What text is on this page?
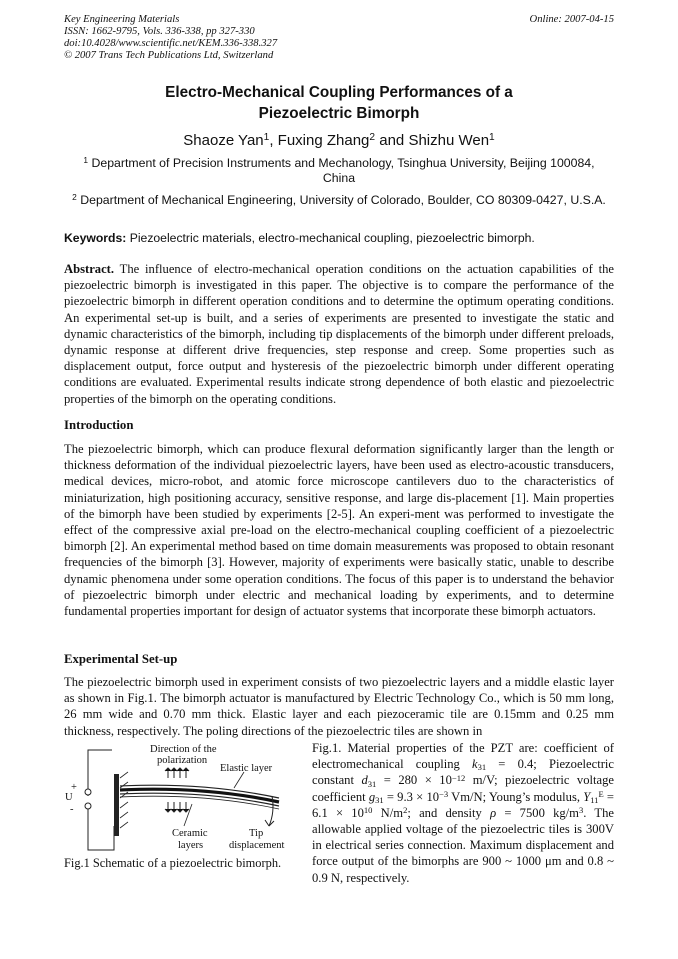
Key Engineering Materials
ISSN: 1662-9795, Vols. 336-338, pp 327-330
doi:10.4028/www.scientific.net/KEM.336-338.327
© 2007 Trans Tech Publications Ltd, Switzerland
Online: 2007-04-15
Electro-Mechanical Coupling Performances of a
Piezoelectric Bimorph
Shaoze Yan$^1$, Fuxing Zhang$^2$ and Shizhu Wen$^1$
$^1$ Department of Precision Instruments and Mechanology, Tsinghua University, Beijing 100084,
China
$^2$ Department of Mechanical Engineering, University of Colorado, Boulder, CO 80309-0427, U.S.A.
Keywords: Piezoelectric materials, electro-mechanical coupling, piezoelectric bimorph.
Abstract. The influence of electro-mechanical operation conditions on the actuation capabilities of the piezoelectric bimorph is investigated in this paper. The objective is to compare the performance of the piezoelectric bimorph in different operation conditions and to determine the optimum operating conditions. An experimental set-up is built, and a series of experiments are presented to investigate the static and dynamic characteristics of the bimorph, including tip displacements of the bimorph under different preloads, dynamic response at different drive frequencies, step response and creep. Some properties such as displacement output, force output and hysteresis of the piezoelectric bimorph under different operating conditions are evaluated. Experimental results indicate strong dependence of both elastic and piezoelectric properties of the bimorph on the operating conditions.
Introduction
The piezoelectric bimorph, which can produce flexural deformation significantly larger than the length or thickness deformation of the individual piezoelectric layers, have been used as electro-acoustic transducers, medical devices, micro-robot, and atomic force microscope cantilevers duo to the characteristics of miniaturization, high positioning accuracy, sensitive response, and large dis-placement [1]. Main properties of the bimorph have been studied by experiments [2-5]. An experi-ment was performed to investigate the effect of the compressive axial pre-load on the electro-mechanical coupling coefficient of a piezoelectric bimorph [2]. An experimental method based on time domain measurements was proposed to obtain resonant frequencies of the bimorph [3]. However, majority of experiments were basically static, unable to describe dynamic phenomena under some operation conditions. The focus of this paper is to understand the behavior of piezoelectric bimorph under electric and mechanical loading by experiments, and to determine fundamental properties important for design of actuator systems that incorporate these bimorph actuators.
Experimental Set-up
The piezoelectric bimorph used in experiment consists of two piezoelectric layers and a middle elastic layer as shown in Fig.1. The bimorph actuator is manufactured by Electric Technology Co., which is 50 mm long, 26 mm wide and 0.70 mm thick. Elastic layer and each piezoceramic tile are 0.15mm and 0.25 mm thickness, respectively. The poling directions of the piezoelectric tiles are shown in
Fig.1. Material properties of the PZT are: coefficient of electromechanical coupling $k_{31} = 0.4$; Piezoelectric constant $d_{31} = 280 \times 10^{-12}$ m/V; piezoelectric voltage coefficient $g_{31} = 9.3 \times 10^{-3}$ Vm/N; Young’s modulus, $Y_{11}^E = 6.1 \times 10^{10}$ $N/m^2$; and density ρ = 7500 $kg/m^3$. The allowable applied voltage of the piezoelectric tiles is 300V in electrical series connection. Maximum displacement and force output of the bimorphs are 900 ~ 1000 μm and 0.8 ~ 0.9 N, respectively.
+
U
-
Direction of the
polarization
Elastic layer
Ceramic
layers
Tip
displacement
Fig.1 Schematic of a piezoelectric bimorph.
